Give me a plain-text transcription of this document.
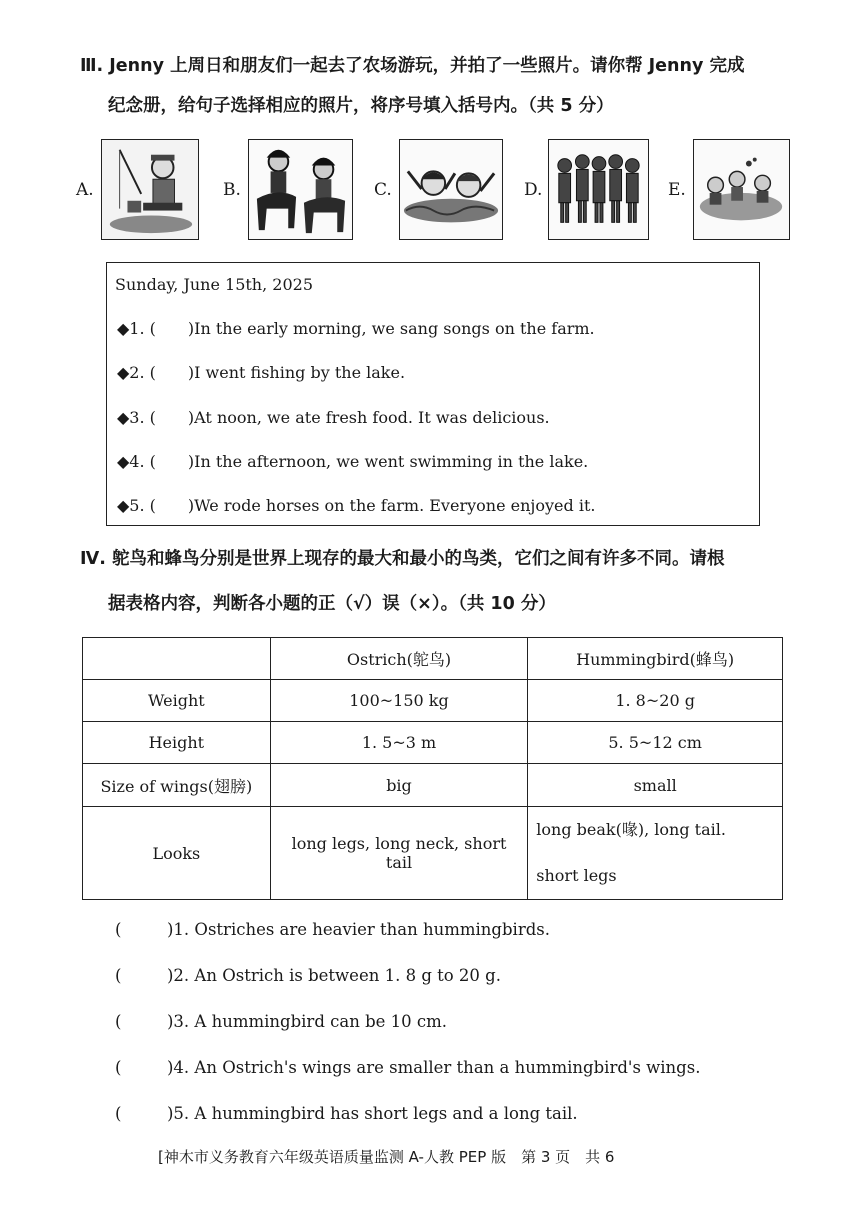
Ⅲ. Jenny 上周日和朋友们一起去了农场游玩，并拍了一些照片。请你帮 Jenny 完成
纪念册，给句子选择相应的照片，将序号填入括号内。（共 5 分）
A.	B.	C.	D.	E.
Sunday, June 15th, 2025
◆1. ( )In the early morning, we sang songs on the farm.
◆2. ( )I went fishing by the lake.
◆3. ( )At noon, we ate fresh food. It was delicious.
◆4. ( )In the afternoon, we went swimming in the lake.
◆5. ( )We rode horses on the farm. Everyone enjoyed it.
Ⅳ. 鸵鸟和蜂鸟分别是世界上现存的最大和最小的鸟类，它们之间有许多不同。请根
据表格内容，判断各小题的正（√）误（×）。（共 10 分）
	Ostrich(鸵鸟)	Hummingbird(蜂鸟)
Weight	100~150 kg	1. 8~20 g
Height	1. 5~3 m	5. 5~12 cm
Size of wings(翅膀)	big	small
Looks	long legs, long neck, short tail	long beak(喙), long tail.
short legs
(	)1. Ostriches are heavier than hummingbirds.
(	)2. An Ostrich is between 1. 8 g to 20 g.
(	)3. A hummingbird can be 10 cm.
(	)4. An Ostrich's wings are smaller than a hummingbird's wings.
(	)5. A hummingbird has short legs and a long tail.
[神木市义务教育六年级英语质量监测 A-人教 PEP 版　第 3 页　共 6
